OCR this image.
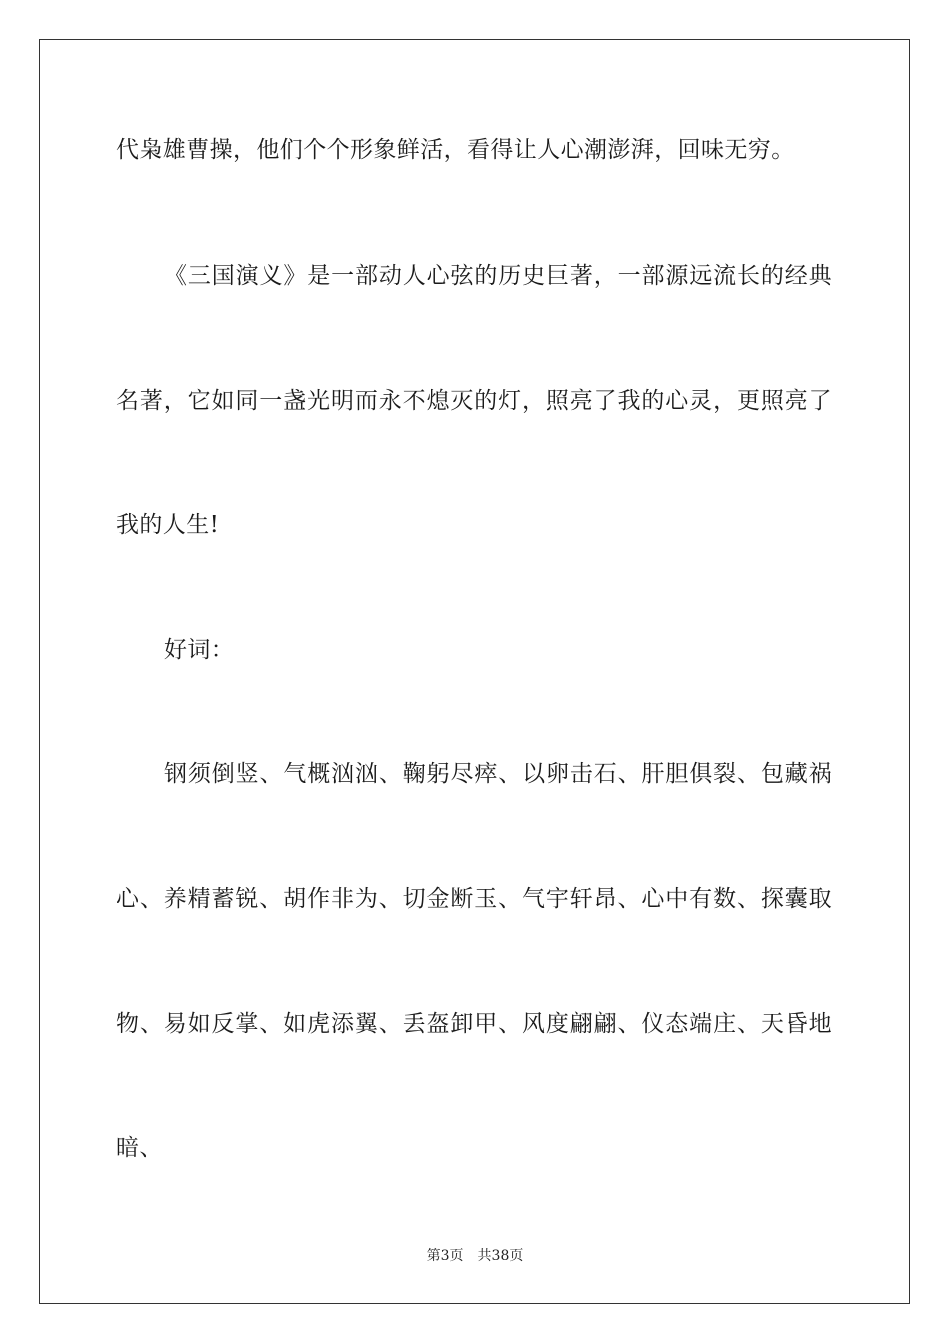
代枭雄曹操，他们个个形象鲜活，看得让人心潮澎湃，回味无穷。
《三国演义》是一部动人心弦的历史巨著，一部源远流长的经典
名著，它如同一盏光明而永不熄灭的灯，照亮了我的心灵，更照亮了
我的人生!
好词：
钢须倒竖、气概汹汹、鞠躬尽瘁、以卵击石、肝胆俱裂、包藏祸
心、养精蓄锐、胡作非为、切金断玉、气宇轩昂、心中有数、探囊取
物、易如反掌、如虎添翼、丢盔卸甲、风度翩翩、仪态端庄、天昏地
暗、
第3页 共38页
